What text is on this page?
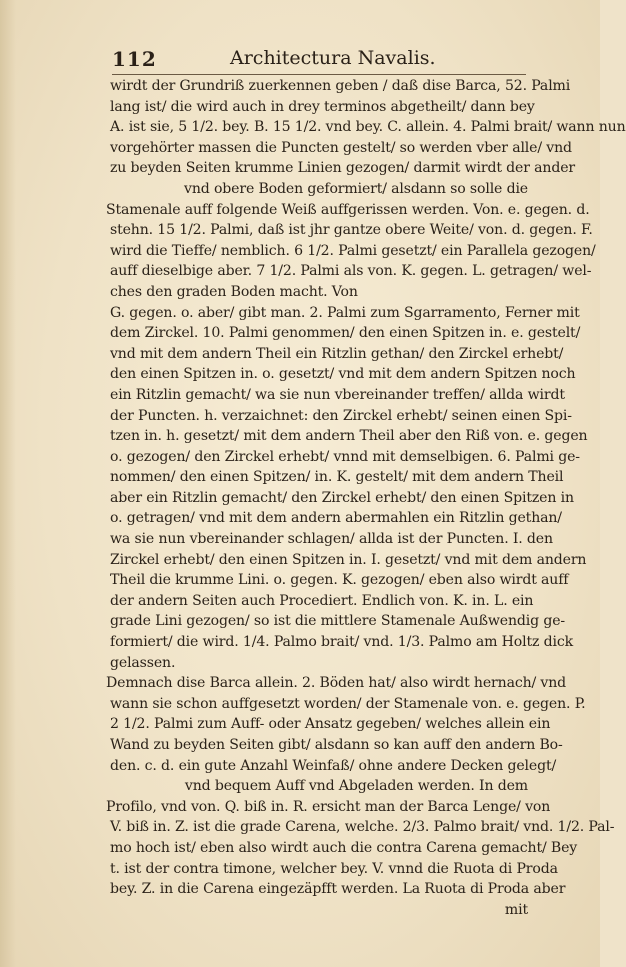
112	Architectura Navalis.
wirdt der Grundriß zuerkennen geben / daß dise Barca, 52. Palmi
lang ist/ die wird auch in drey terminos abgetheilt/ dann bey
A. ist sie, 5 1/2. bey. B. 15 1/2. vnd bey. C. allein. 4. Palmi brait/ wann nun
vorgehörter massen die Puncten gestelt/ so werden vber alle/ vnd
zu beyden Seiten krumme Linien gezogen/ darmit wirdt der ander
vnd obere Boden geformiert/ alsdann so solle die
Stamenale auff folgende Weiß auffgerissen werden. Von. e. gegen. d.
stehn. 15 1/2. Palmi, daß ist jhr gantze obere Weite/ von. d. gegen. F.
wird die Tieffe/ nemblich. 6 1/2. Palmi gesetzt/ ein Parallela gezogen/
auff dieselbige aber. 7 1/2. Palmi als von. K. gegen. L. getragen/ wel-
ches den graden Boden macht. Von
G. gegen. o. aber/ gibt man. 2. Palmi zum Sgarramento, Ferner mit
dem Zirckel. 10. Palmi genommen/ den einen Spitzen in. e. gestelt/
vnd mit dem andern Theil ein Ritzlin gethan/ den Zirckel erhebt/
den einen Spitzen in. o. gesetzt/ vnd mit dem andern Spitzen noch
ein Ritzlin gemacht/ wa sie nun vbereinander treffen/ allda wirdt
der Puncten. h. verzaichnet: den Zirckel erhebt/ seinen einen Spi-
tzen in. h. gesetzt/ mit dem andern Theil aber den Riß von. e. gegen
o. gezogen/ den Zirckel erhebt/ vnnd mit demselbigen. 6. Palmi ge-
nommen/ den einen Spitzen/ in. K. gestelt/ mit dem andern Theil
aber ein Ritzlin gemacht/ den Zirckel erhebt/ den einen Spitzen in
o. getragen/ vnd mit dem andern abermahlen ein Ritzlin gethan/
wa sie nun vbereinander schlagen/ allda ist der Puncten. I. den
Zirckel erhebt/ den einen Spitzen in. I. gesetzt/ vnd mit dem andern
Theil die krumme Lini. o. gegen. K. gezogen/ eben also wirdt auff
der andern Seiten auch Procediert. Endlich von. K. in. L. ein
grade Lini gezogen/ so ist die mittlere Stamenale Außwendig ge-
formiert/ die wird. 1/4. Palmo brait/ vnd. 1/3. Palmo am Holtz dick
gelassen.
Demnach dise Barca allein. 2. Böden hat/ also wirdt hernach/ vnd
wann sie schon auffgesetzt worden/ der Stamenale von. e. gegen. P.
2 1/2. Palmi zum Auff- oder Ansatz gegeben/ welches allein ein
Wand zu beyden Seiten gibt/ alsdann so kan auff den andern Bo-
den. c. d. ein gute Anzahl Weinfaß/ ohne andere Decken gelegt/
vnd bequem Auff vnd Abgeladen werden. In dem
Profilo, vnd von. Q. biß in. R. ersicht man der Barca Lenge/ von
V. biß in. Z. ist die grade Carena, welche. 2/3. Palmo brait/ vnd. 1/2. Pal-
mo hoch ist/ eben also wirdt auch die contra Carena gemacht/ Bey
t. ist der contra timone, welcher bey. V. vnnd die Ruota di Proda
bey. Z. in die Carena eingezäpfft werden. La Ruota di Proda aber
mit
